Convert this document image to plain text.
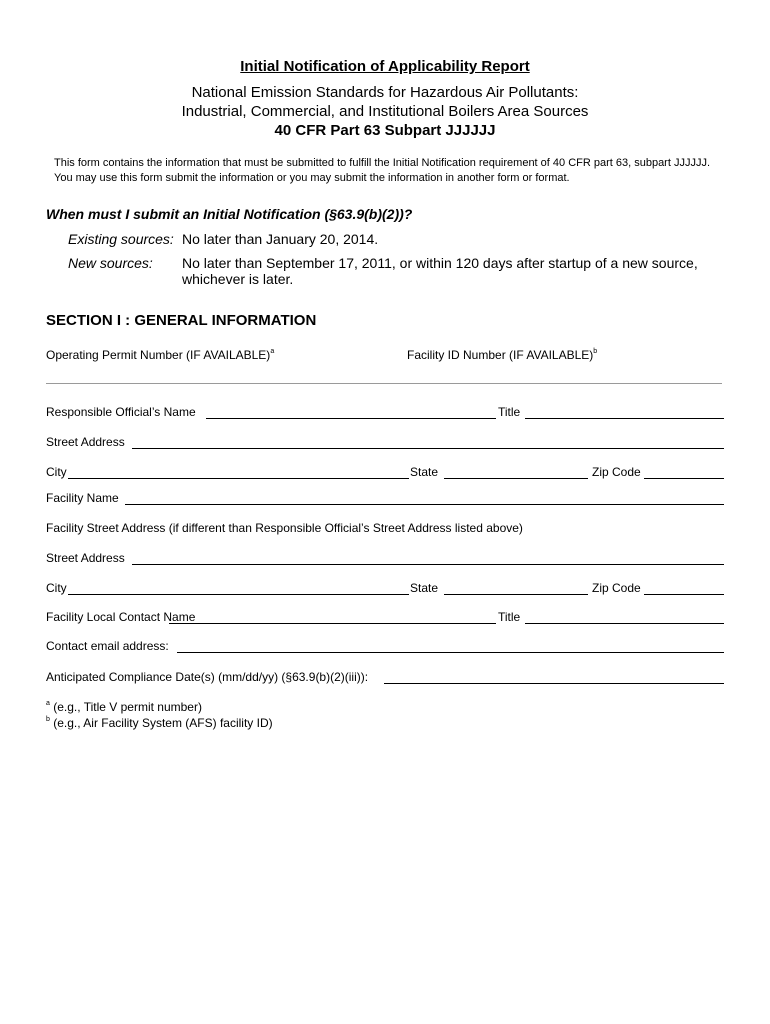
Initial Notification of Applicability Report
National Emission Standards for Hazardous Air Pollutants:
Industrial, Commercial, and Institutional Boilers Area Sources
40 CFR Part 63 Subpart JJJJJJ
This form contains the information that must be submitted to fulfill the Initial Notification requirement of 40 CFR part 63, subpart JJJJJJ. You may use this form submit the information or you may submit the information in another form or format.
When must I submit an Initial Notification (§63.9(b)(2))?
Existing sources: No later than January 20, 2014.
New sources: No later than September 17, 2011, or within 120 days after startup of a new source,
whichever is later.
SECTION I : GENERAL INFORMATION
Operating Permit Number (IF AVAILABLE)$^a$	Facility ID Number (IF AVAILABLE)$^b$
Responsible Official’s Name	Title
Street Address
City	State	Zip Code
Facility Name
Facility Street Address (if different than Responsible Official’s Street Address listed above)
Street Address
City	State	Zip Code
Facility Local Contact Name	Title
Contact email address:
Anticipated Compliance Date(s) (mm/dd/yy) (§63.9(b)(2)(iii)):
$^a$ (e.g., Title V permit number)
$^b$ (e.g., Air Facility System (AFS) facility ID)
